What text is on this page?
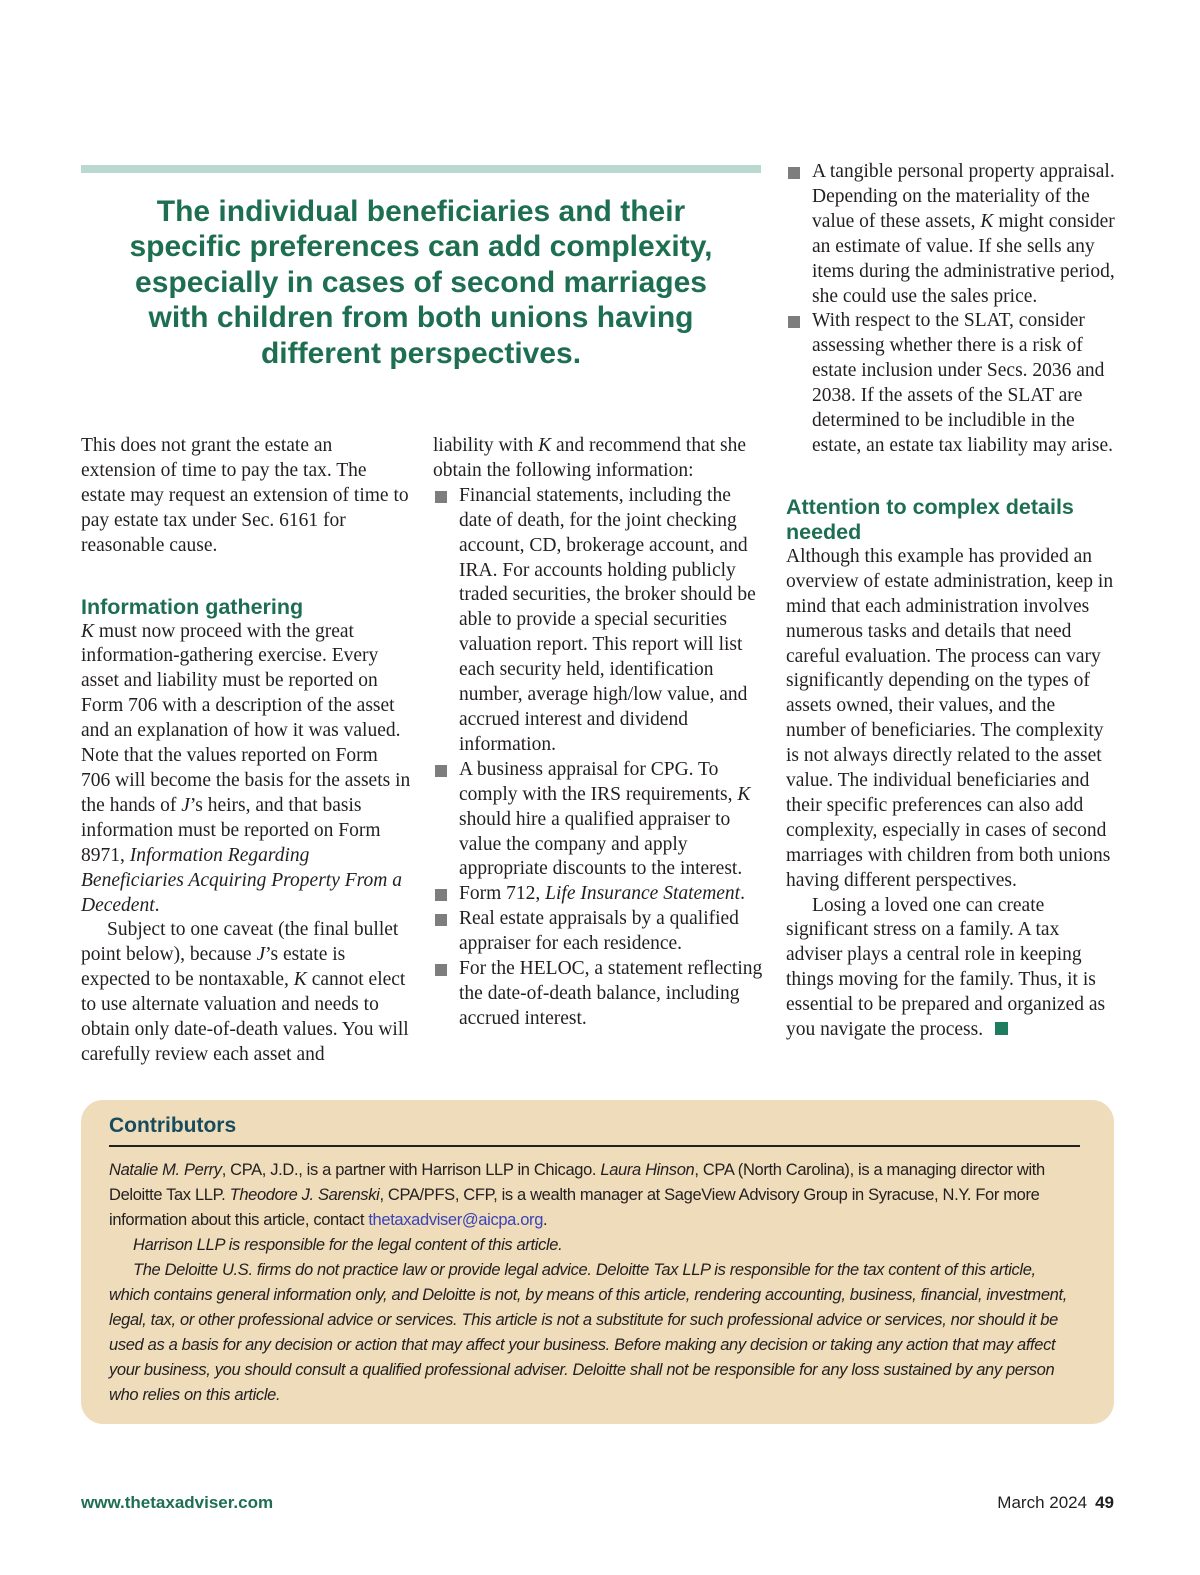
The individual beneficiaries and their specific preferences can add complexity, especially in cases of second marriages with children from both unions having different perspectives.

This does not grant the estate an extension of time to pay the tax. The estate may request an extension of time to pay estate tax under Sec. 6161 for reasonable cause.

Information gathering

K must now proceed with the great information-gathering exercise. Every asset and liability must be reported on Form 706 with a description of the asset and an explanation of how it was valued. Note that the values reported on Form 706 will become the basis for the assets in the hands of J’s heirs, and that basis information must be reported on Form 8971, Information Regarding Beneficiaries Acquiring Property From a Decedent.

Subject to one caveat (the final bullet point below), because J’s estate is expected to be nontaxable, K cannot elect to use alternate valuation and needs to obtain only date-of-death values. You will carefully review each asset and

liability with K and recommend that she obtain the following information:

Financial statements, including the date of death, for the joint checking account, CD, brokerage account, and IRA. For accounts holding publicly traded securities, the broker should be able to provide a special securities valuation report. This report will list each security held, identification number, average high/low value, and accrued interest and dividend information.
A business appraisal for CPG. To comply with the IRS requirements, K should hire a qualified appraiser to value the company and apply appropriate discounts to the interest.
Form 712, Life Insurance Statement.
Real estate appraisals by a qualified appraiser for each residence.
For the HELOC, a statement reflecting the date-of-death balance, including accrued interest.
A tangible personal property appraisal. Depending on the materiality of the value of these assets, K might consider an estimate of value. If she sells any items during the administrative period, she could use the sales price.
With respect to the SLAT, consider assessing whether there is a risk of estate inclusion under Secs. 2036 and 2038. If the assets of the SLAT are determined to be includible in the estate, an estate tax liability may arise.
Attention to complex details needed

Although this example has provided an overview of estate administration, keep in mind that each administration involves numerous tasks and details that need careful evaluation. The process can vary significantly depending on the types of assets owned, their values, and the number of beneficiaries. The complexity is not always directly related to the asset value. The individual beneficiaries and their specific preferences can also add complexity, especially in cases of second marriages with children from both unions having different perspectives.

Losing a loved one can create significant stress on a family. A tax adviser plays a central role in keeping things moving for the family. Thus, it is essential to be prepared and organized as you navigate the process.

Contributors

Natalie M. Perry, CPA, J.D., is a partner with Harrison LLP in Chicago. Laura Hinson, CPA (North Carolina), is a managing director with Deloitte Tax LLP. Theodore J. Sarenski, CPA/PFS, CFP, is a wealth manager at SageView Advisory Group in Syracuse, N.Y. For more information about this article, contact thetaxadviser@aicpa.org.

Harrison LLP is responsible for the legal content of this article.

The Deloitte U.S. firms do not practice law or provide legal advice. Deloitte Tax LLP is responsible for the tax content of this article, which contains general information only, and Deloitte is not, by means of this article, rendering accounting, business, financial, investment, legal, tax, or other professional advice or services. This article is not a substitute for such professional advice or services, nor should it be used as a basis for any decision or action that may affect your business. Before making any decision or taking any action that may affect your business, you should consult a qualified professional adviser. Deloitte shall not be responsible for any loss sustained by any person who relies on this article.

www.thetaxadviser.com	March 2024 49
